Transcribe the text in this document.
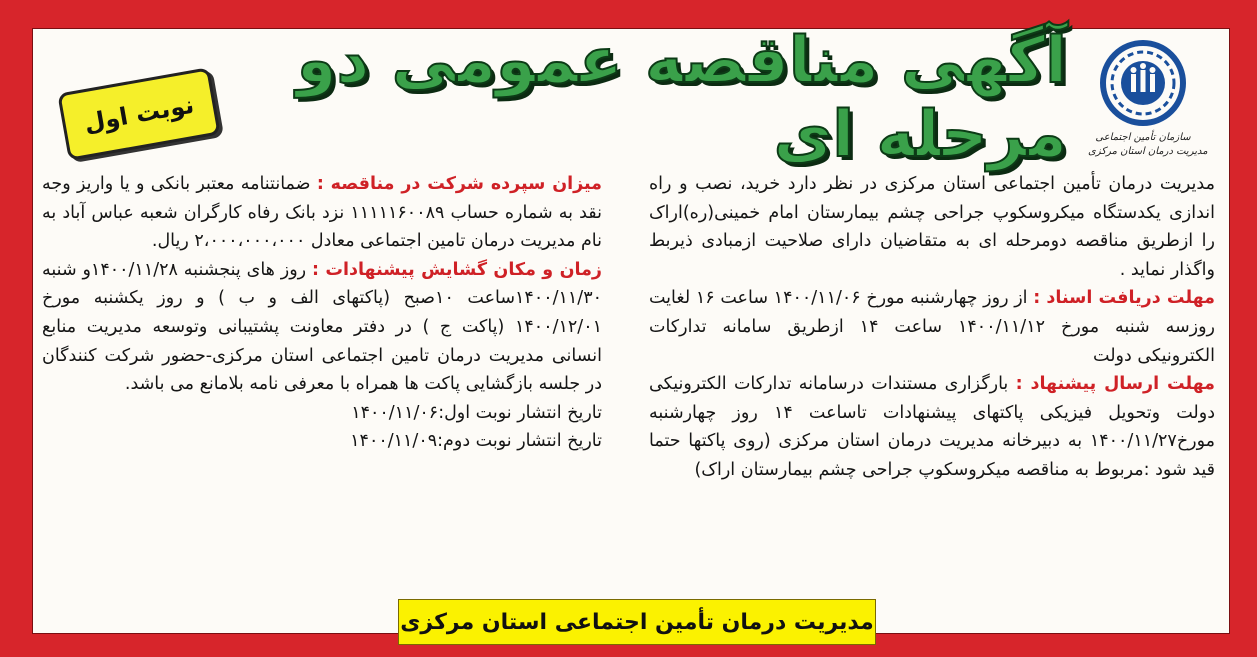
سازمان تأمین اجتماعی
مدیریت درمان استان مرکزی
آگهی مناقصه عمومی دو مرحله ای
نوبت اول

مدیریت درمان تأمین اجتماعی استان مرکزی در نظر دارد خرید، نصب و راه اندازی یکدستگاه میکروسکوپ جراحی چشم بیمارستان امام خمینی(ره)اراک را ازطریق مناقصه دومرحله ای به متقاضیان دارای صلاحیت ازمبادی ذیربط واگذار نماید .

مهلت دریافت اسناد : از روز چهارشنبه مورخ ۱۴۰۰/۱۱/۰۶ ساعت ۱۶ لغایت روزسه شنبه مورخ ۱۴۰۰/۱۱/۱۲ ساعت ۱۴ ازطریق سامانه تدارکات الکترونیکی دولت

مهلت ارسال پیشنهاد : بارگزاری مستندات درسامانه تدارکات الکترونیکی دولت وتحویل فیزیکی پاکتهای پیشنهادات تاساعت ۱۴ روز چهارشنبه مورخ۱۴۰۰/۱۱/۲۷ به دبیرخانه مدیریت درمان استان مرکزی (روی پاکتها حتما قید شود :مربوط به مناقصه میکروسکوپ جراحی چشم بیمارستان اراک)

میزان سپرده شرکت در مناقصه : ضمانتنامه معتبر بانکی و یا واریز وجه نقد به شماره حساب ۱۱۱۱۱۶۰۰۸۹ نزد بانک رفاه کارگران شعبه عباس آباد به نام مدیریت درمان تامین اجتماعی معادل ۲،۰۰۰،۰۰۰،۰۰۰ ریال.

زمان و مکان گشایش پیشنهادات : روز های پنجشنبه ۱۴۰۰/۱۱/۲۸و شنبه ۱۴۰۰/۱۱/۳۰ساعت ۱۰صبح (پاکتهای الف و ب ) و روز یکشنبه مورخ ۱۴۰۰/۱۲/۰۱ (پاکت ج ) در دفتر معاونت پشتیبانی وتوسعه مدیریت منابع انسانی مدیریت درمان تامین اجتماعی استان مرکزی-حضور شرکت کنندگان در جلسه بازگشایی پاکت ها همراه با معرفی نامه بلامانع می باشد.

تاریخ انتشار نوبت اول:۱۴۰۰/۱۱/۰۶

تاریخ انتشار نوبت دوم:۱۴۰۰/۱۱/۰۹

مدیریت درمان تأمین اجتماعی استان مرکزی
